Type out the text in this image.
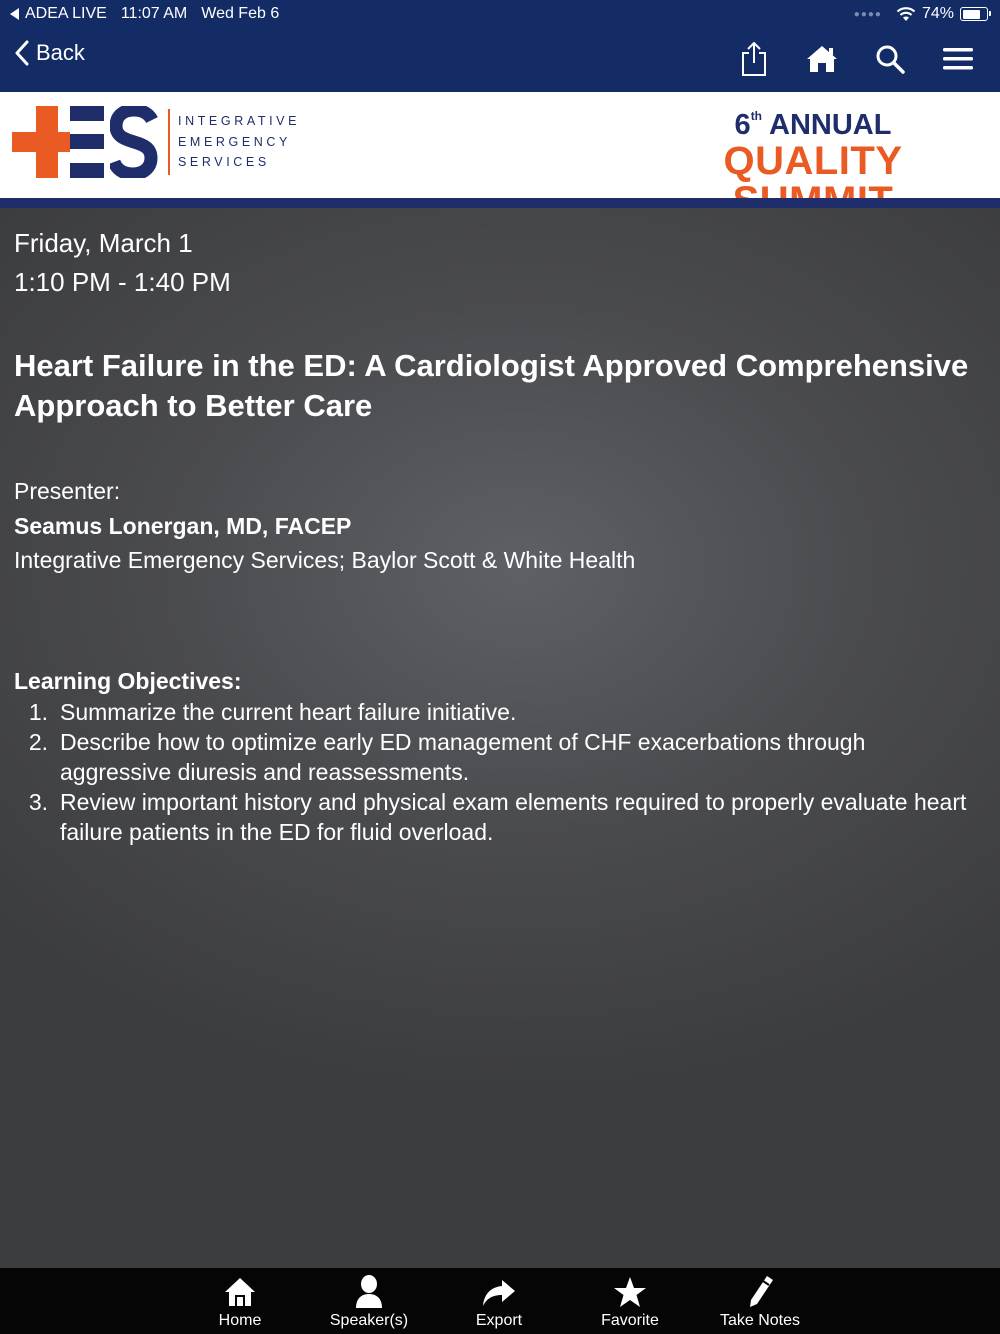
ADEA LIVE 11:07 AM Wed Feb 6	●●●●	74%
Back
INTEGRATIVE
EMERGENCY
SERVICES
6th ANNUAL
QUALITY
Friday, March 1
1:10 PM - 1:40 PM
Heart Failure in the ED: A Cardiologist Approved Comprehensive Approach to Better Care
Presenter:
Seamus Lonergan, MD, FACEP
Integrative Emergency Services; Baylor Scott & White Health
Learning Objectives:
1. Summarize the current heart failure initiative.
2. Describe how to optimize early ED management of CHF exacerbations through aggressive diuresis and reassessments.
3. Review important history and physical exam elements required to properly evaluate heart failure patients in the ED for fluid overload.
Home	Speaker(s)	Export	Favorite	Take Notes
